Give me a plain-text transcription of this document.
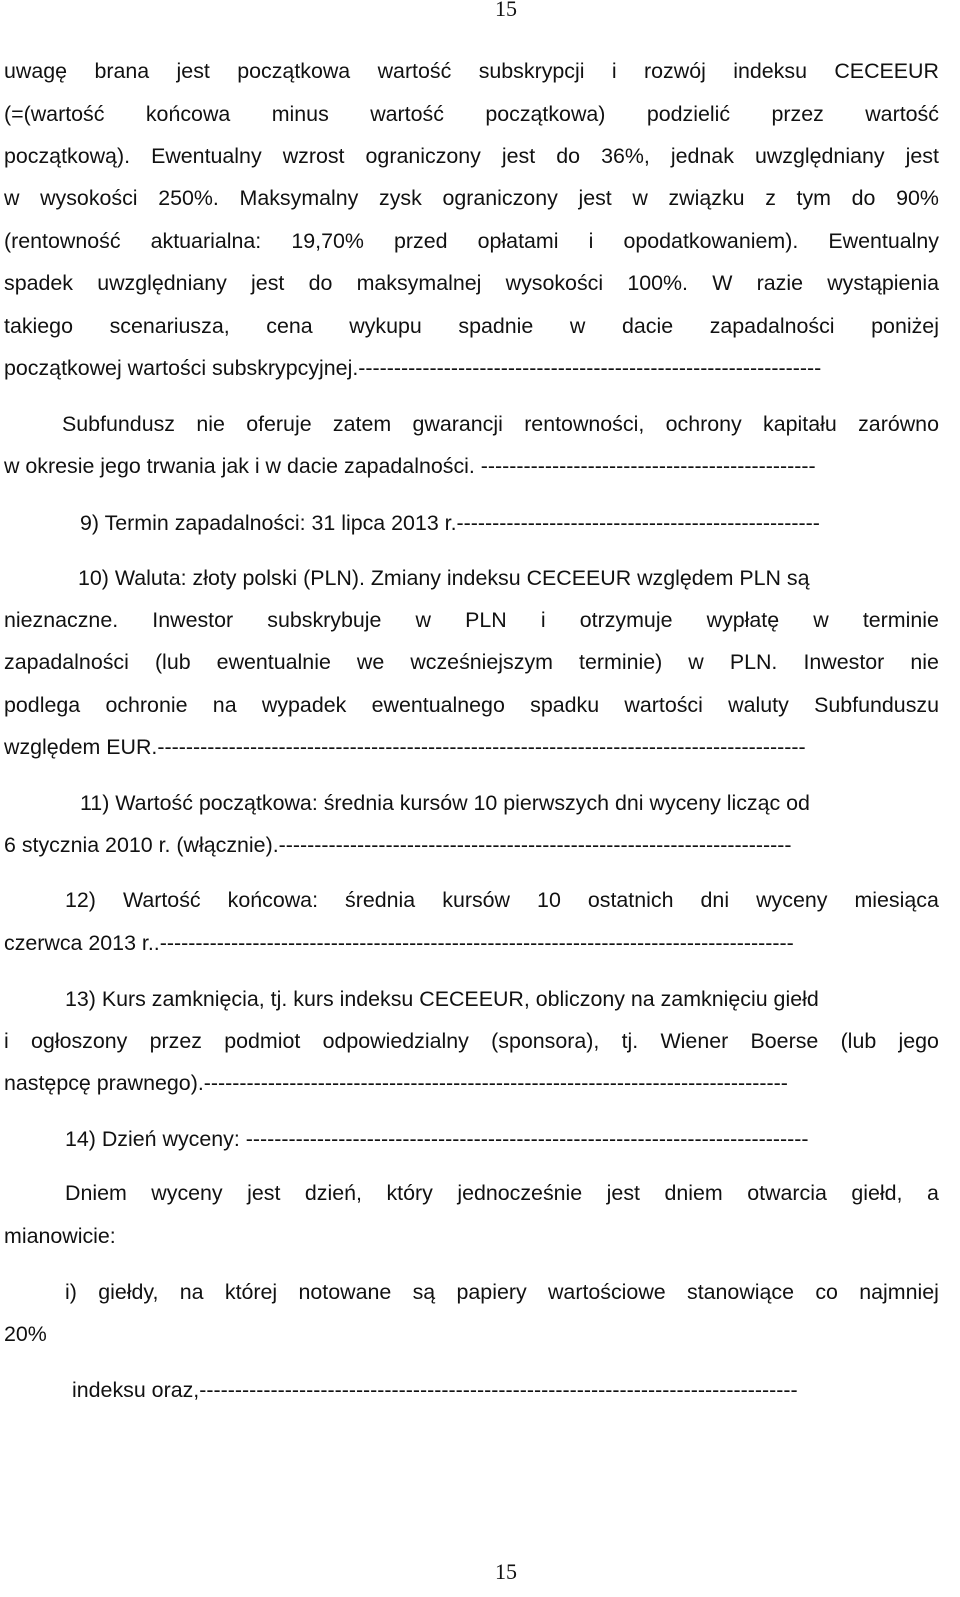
15
uwagę brana jest początkowa wartość subskrypcji i rozwój indeksu CECEEUR
(=(wartość końcowa minus wartość początkowa) podzielić przez wartość
początkową). Ewentualny wzrost ograniczony jest do 36%, jednak uwzględniany jest
w wysokości 250%. Maksymalny zysk ograniczony jest w związku z tym do 90%
(rentowność aktuarialna: 19,70% przed opłatami i opodatkowaniem). Ewentualny
spadek uwzględniany jest do maksymalnej wysokości 100%. W razie wystąpienia
takiego scenariusza, cena wykupu spadnie w dacie zapadalności poniżej
początkowej wartości subskrypcyjnej.-----------------------------------------------------------------
Subfundusz nie oferuje zatem gwarancji rentowności, ochrony kapitału zarówno
w okresie jego trwania jak i w dacie zapadalności. -----------------------------------------------
9) Termin zapadalności: 31 lipca 2013 r.---------------------------------------------------
10) Waluta: złoty polski (PLN). Zmiany indeksu CECEEUR względem PLN są
nieznaczne. Inwestor subskrybuje w PLN i otrzymuje wypłatę w terminie
zapadalności (lub ewentualnie we wcześniejszym terminie) w PLN. Inwestor nie
podlega ochronie na wypadek ewentualnego spadku wartości waluty Subfunduszu
względem EUR.-------------------------------------------------------------------------------------------
11) Wartość początkowa: średnia kursów 10 pierwszych dni wyceny licząc od
6 stycznia 2010 r. (włącznie).------------------------------------------------------------------------
12) Wartość końcowa: średnia kursów 10 ostatnich dni wyceny miesiąca
czerwca 2013 r..-----------------------------------------------------------------------------------------
13) Kurs zamknięcia, tj. kurs indeksu CECEEUR, obliczony na zamknięciu giełd
i ogłoszony przez podmiot odpowiedzialny (sponsora), tj. Wiener Boerse (lub jego
następcę prawnego).----------------------------------------------------------------------------------
14) Dzień wyceny: -------------------------------------------------------------------------------
Dniem wyceny jest dzień, który jednocześnie jest dniem otwarcia giełd, a
mianowicie:
i) giełdy, na której notowane są papiery wartościowe stanowiące co najmniej
20%
indeksu oraz,------------------------------------------------------------------------------------
15
